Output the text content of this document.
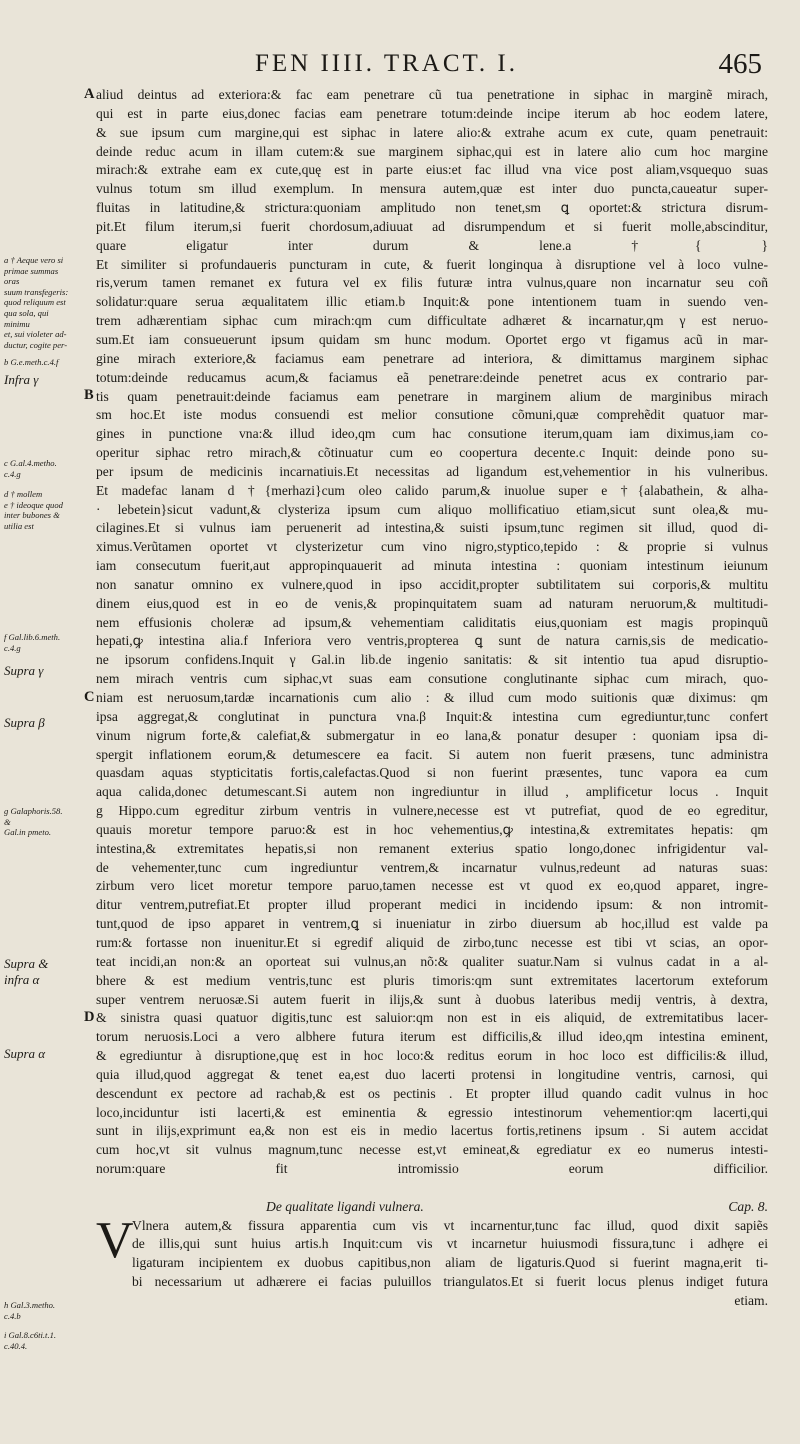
FEN IIII. TRACT. I.	465
a † Aeque vero si
primae summas oras
suum transfegeris:
quod reliquum est
qua sola, qui minimu
et, sui violeter ad-
ductur, cogite per-

b G.e.meth.c.4.f
Infra γ
c G.al.4.metho.
c.4.g
d † mollem
e † ideoque quod
inter bubones &
utilia est
f Gal.lib.6.meth.
c.4.g
Supra γ
Supra β
g Galaphoris.58. &
Gal.in pmeto.
Supra & infra α
Supra α
h Gal.3.metho.
c.4.b
i Gal.8.c6ti.t.1.
c.40.4.
A
B
C
D
aliud deintus ad exteriora:& fac eam penetrare cũ tua penetratione in siphac in marginẽ mirach,
qui est in parte eius,donec facias eam penetrare totum:deinde incipe iterum ab hoc eodem latere,
& sue ipsum cum margine,qui est siphac in latere alio:& extrahe acum ex cute, quam penetrauit:
deinde reduc acum in illam cutem:& sue marginem siphac,qui est in latere alio cum hoc margine
mirach:& extrahe eam ex cute,quę est in parte eius:et fac illud vna vice post aliam,vsquequo suas
vulnus totum sm illud exemplum. In mensura autem,quæ est inter duo puncta,caueatur super-
fluitas in latitudine,& strictura:quoniam amplitudo non tenet,sm ꝗ oportet:& strictura disrum-
pit.Et filum iterum,si fuerit chordosum,adiuuat ad disrumpendum et si fuerit molle,abscinditur,
quare eligatur inter durum & lene.a †{ }
Et similiter si profundaueris puncturam in cute, & fuerit longinqua à disruptione vel à loco vulne-
ris,verum tamen remanet ex futura vel ex filis futuræ intra vulnus,quare non incarnatur seu coñ
solidatur:quare serua æqualitatem illic etiam.b Inquit:& pone intentionem tuam in suendo ven-
trem adhærentiam siphac cum mirach:qm cum difficultate adhæret & incarnatur,qm γ est neruo-
sum.Et iam consueuerunt ipsum quidam sm hunc modum. Oportet ergo vt figamus acũ in mar-
gine mirach exteriore,& faciamus eam penetrare ad interiora, & dimittamus marginem siphac
totum:deinde reducamus acum,& faciamus eã penetrare:deinde penetret acus ex contrario par-
tis quam penetrauit:deinde faciamus eam penetrare in marginem alium de marginibus mirach
sm hoc.Et iste modus consuendi est melior consutione cõmuni,quæ comprehẽdit quatuor mar-
gines in punctione vna:& illud ideo,qm cum hac consutione iterum,quam iam diximus,iam co-
operitur siphac retro mirach,& cõtinuatur cum eo coopertura decente.c Inquit: deinde pono su-
per ipsum de medicinis incarnatiuis.Et necessitas ad ligandum est,vehementior in his vulneribus.
Et madefac lanam d †{merhazi}cum oleo calido parum,& inuolue super e †{alabathein, & alha-
· lebetein}sicut vadunt,& clysteriza ipsum cum aliquo mollificatiuo etiam,sicut sunt olea,& mu-
cilagines.Et si vulnus iam peruenerit ad intestina,& suisti ipsum,tunc regimen sit illud, quod di-
ximus.Verũtamen oportet vt clysterizetur cum vino nigro,styptico,tepido : & proprie si vulnus
iam consecutum fuerit,aut appropinquauerit ad minuta intestina : quoniam intestinum ieiunum
non sanatur omnino ex vulnere,quod in ipso accidit,propter subtilitatem sui corporis,& multitu
dinem eius,quod est in eo de venis,& propinquitatem suam ad naturam neruorum,& multitudi-
nem effusionis choleræ ad ipsum,& vehementiam caliditatis eius,quoniam est magis propinquũ
hepati,ꝙ intestina alia.f Inferiora vero ventris,propterea ꝗ sunt de natura carnis,sis de medicatio-
ne ipsorum confidens.Inquit γ Gal.in lib.de ingenio sanitatis: & sit intentio tua apud disruptio-
nem mirach ventris cum siphac,vt suas eam consutione conglutinante siphac cum mirach, quo-
niam est neruosum,tardæ incarnationis cum alio : & illud cum modo suitionis quæ diximus: qm
ipsa aggregat,& conglutinat in punctura vna.β Inquit:& intestina cum egrediuntur,tunc confert
vinum nigrum forte,& calefiat,& submergatur in eo lana,& ponatur desuper : quoniam ipsa di-
spergit inflationem eorum,& detumescere ea facit. Si autem non fuerit præsens, tunc administra
quasdam aquas stypticitatis fortis,calefactas.Quod si non fuerint præsentes, tunc vapora ea cum
aqua calida,donec detumescant.Si autem non ingrediuntur in illud , amplificetur locus . Inquit
g Hippo.cum egreditur zirbum ventris in vulnere,necesse est vt putrefiat, quod de eo egreditur,
quauis moretur tempore paruo:& est in hoc vehementius,ꝙ intestina,& extremitates hepatis: qm
intestina,& extremitates hepatis,si non remanent exterius spatio longo,donec infrigidentur val-
de vehementer,tunc cum ingrediuntur ventrem,& incarnatur vulnus,redeunt ad naturas suas:
zirbum vero licet moretur tempore paruo,tamen necesse est vt quod ex eo,quod apparet, ingre-
ditur ventrem,putrefiat.Et propter illud properant medici in incidendo ipsum: & non intromit-
tunt,quod de ipso apparet in ventrem,ꝗ si inueniatur in zirbo diuersum ab hoc,illud est valde pa
rum:& fortasse non inuenitur.Et si egredif aliquid de zirbo,tunc necesse est tibi vt scias, an opor-
teat incidi,an non:& an oporteat sui vulnus,an nõ:& qualiter suatur.Nam si vulnus cadat in a al-
bhere & est medium ventris,tunc est pluris timoris:qm sunt extremitates lacertorum exteforum
super ventrem neruosæ.Si autem fuerit in ilijs,& sunt à duobus lateribus medij ventris, à dextra,
& sinistra quasi quatuor digitis,tunc est saluior:qm non est in eis aliquid, de extremitatibus lacer-
torum neruosis.Loci a vero albhere futura iterum est difficilis,& illud ideo,qm intestina eminent,
& egrediuntur à disruptione,quę est in hoc loco:& reditus eorum in hoc loco est difficilis:& illud,
quia illud,quod aggregat & tenet ea,est duo lacerti protensi in longitudine ventris, carnosi, qui
descendunt ex pectore ad rachab,& est os pectinis . Et propter illud quando cadit vulnus in hoc
loco,inciduntur isti lacerti,& est eminentia & egressio intestinorum vehementior:qm lacerti,qui
sunt in ilijs,exprimunt ea,& non est eis in medio lacertus fortis,retinens ipsum . Si autem accidat
cum hoc,vt sit vulnus magnum,tunc necesse est,vt emineat,& egrediatur ex eo numerus intesti-
norum:quare fit intromissio eorum difficilior.
De qualitate ligandi vulnera.	Cap. 8.
V
Vlnera autem,& fissura apparentia cum vis vt incarnentur,tunc fac illud, quod dixit sapiẽs
de illis,qui sunt huius artis.h Inquit:cum vis vt incarnetur huiusmodi fissura,tunc i adhęre ei
ligaturam incipientem ex duobus capitibus,non aliam de ligaturis.Quod si fuerint magna,erit ti-
bi necessarium ut adhærere ei facias puluillos triangulatos.Et si fuerit locus plenus indiget futura
etiam.
